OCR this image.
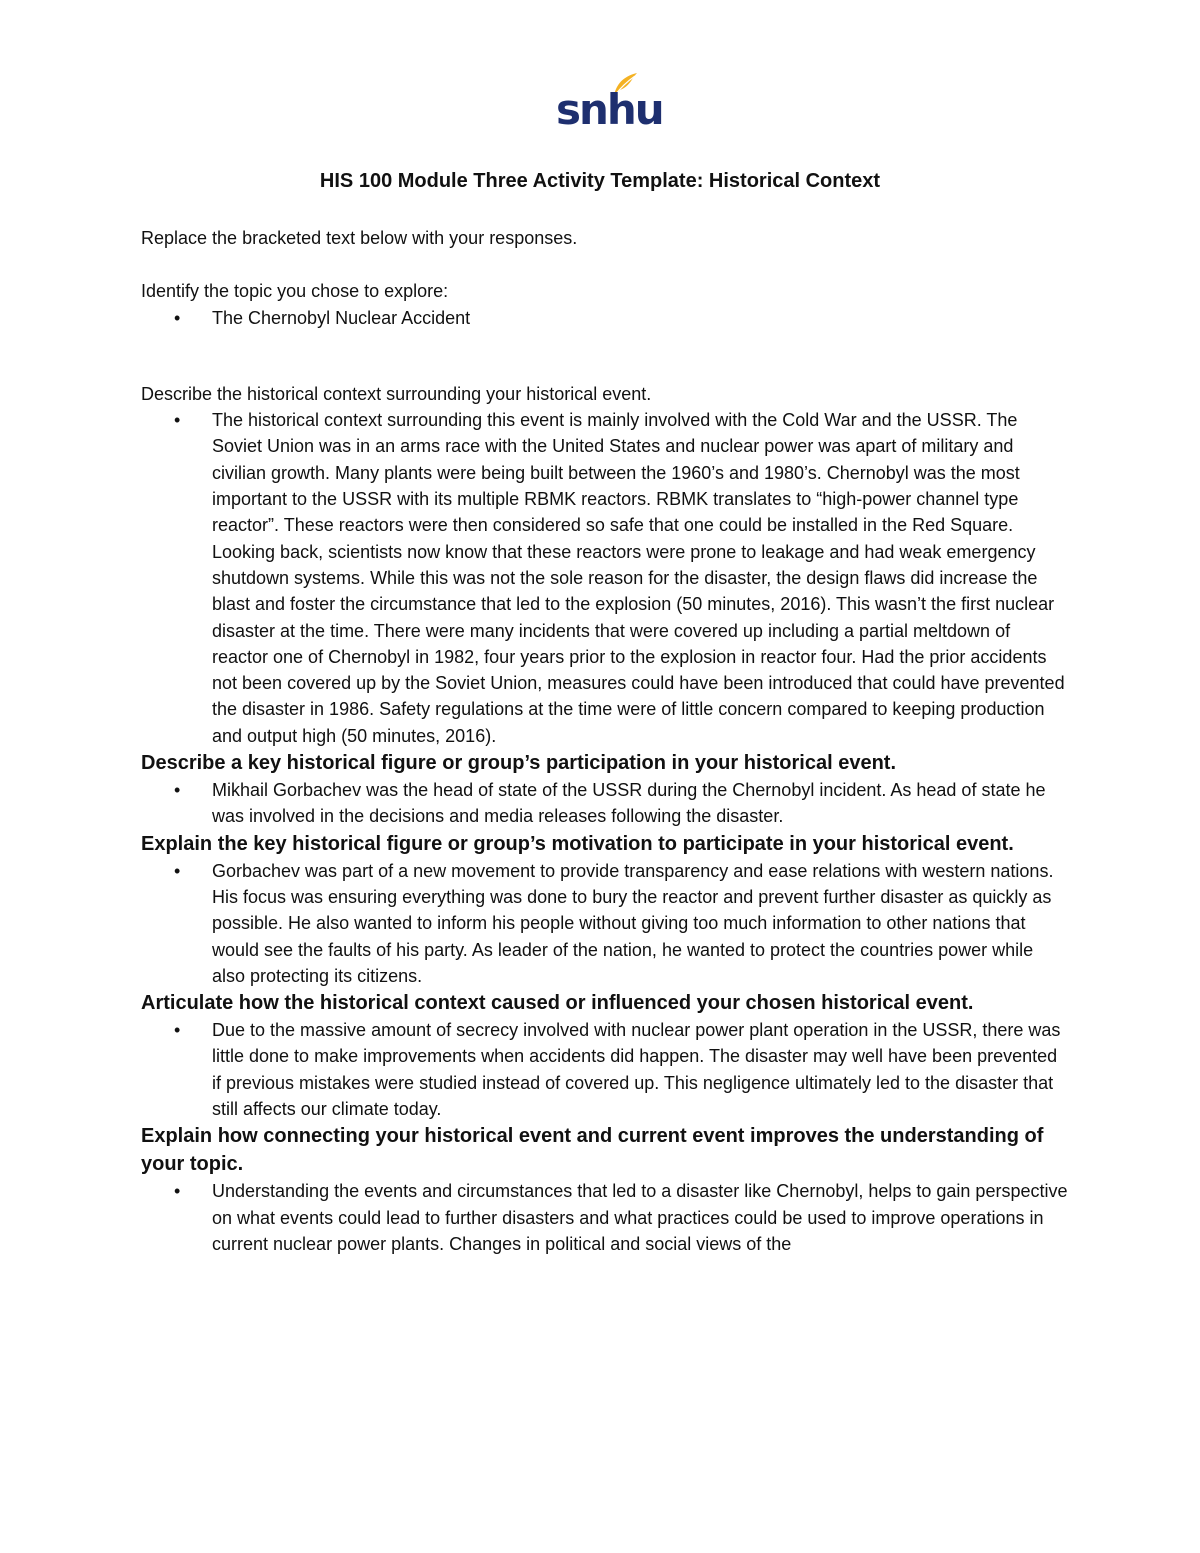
snhu
HIS 100 Module Three Activity Template: Historical Context

Replace the bracketed text below with your responses.

Identify the topic you chose to explore:

• The Chernobyl Nuclear Accident

Describe the historical context surrounding your historical event.

• The historical context surrounding this event is mainly involved with the Cold War and the USSR. The Soviet Union was in an arms race with the United States and nuclear power was apart of military and civilian growth. Many plants were being built between the 1960’s and 1980’s. Chernobyl was the most important to the USSR with its multiple RBMK reactors. RBMK translates to “high-power channel type reactor”. These reactors were then considered so safe that one could be installed in the Red Square. Looking back, scientists now know that these reactors were prone to leakage and had weak emergency shutdown systems. While this was not the sole reason for the disaster, the design flaws did increase the blast and foster the circumstance that led to the explosion (50 minutes, 2016). This wasn’t the first nuclear disaster at the time. There were many incidents that were covered up including a partial meltdown of reactor one of Chernobyl in 1982, four years prior to the explosion in reactor four. Had the prior accidents not been covered up by the Soviet Union, measures could have been introduced that could have prevented the disaster in 1986. Safety regulations at the time were of little concern compared to keeping production and output high (50 minutes, 2016).

Describe a key historical figure or group’s participation in your historical event.

• Mikhail Gorbachev was the head of state of the USSR during the Chernobyl incident. As head of state he was involved in the decisions and media releases following the disaster.

Explain the key historical figure or group’s motivation to participate in your historical event.

• Gorbachev was part of a new movement to provide transparency and ease relations with western nations. His focus was ensuring everything was done to bury the reactor and prevent further disaster as quickly as possible. He also wanted to inform his people without giving too much information to other nations that would see the faults of his party. As leader of the nation, he wanted to protect the countries power while also protecting its citizens.

Articulate how the historical context caused or influenced your chosen historical event.

• Due to the massive amount of secrecy involved with nuclear power plant operation in the USSR, there was little done to make improvements when accidents did happen. The disaster may well have been prevented if previous mistakes were studied instead of covered up. This negligence ultimately led to the disaster that still affects our climate today.

Explain how connecting your historical event and current event improves the understanding of your topic.

• Understanding the events and circumstances that led to a disaster like Chernobyl, helps to gain perspective on what events could lead to further disasters and what practices could be used to improve operations in current nuclear power plants. Changes in political and social views of the
